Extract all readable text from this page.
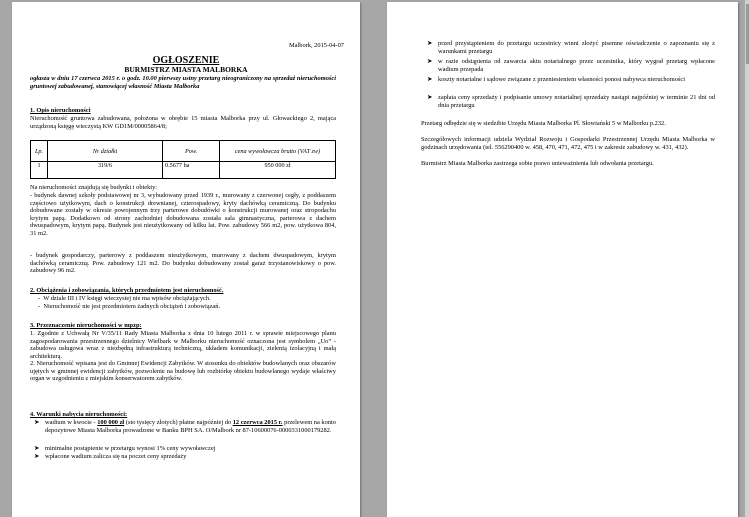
Malbork, 2015-04-07
OGŁOSZENIE
BURMISTRZ MIASTA MALBORKA
ogłasza w dniu 17 czerwca 2015 r. o godz. 10.00 pierwszy ustny przetarg nieograniczony na sprzedaż nieruchomości gruntowej zabudowanej, stanowiącej własność Miasta Malborka
1. Opis nieruchomości
Nieruchomość gruntowa zabudowana, położona w obrębie 15 miasta Malborka przy ul. Głowackiego 2, mająca urządzoną księgę wieczystą KW GD1M/00005864/8;
Lp.	Nr działki	Pow.	cena wywoławcza brutto (VAT zw)
1	319/6	0.5677 ha	950 000 zł
Na nieruchomości znajdują się budynki i obiekty:
- budynek dawnej szkoły podstawowej nr 3, wybudowany przed 1939 r., murowany z czerwonej cegły, z poddaszem częściowo użytkowym, dach o konstrukcji drewnianej, czterospadowy, kryty dachówką ceramiczną. Do budynku dobudowane zostały w okresie powojennym trzy parterowe dobudówki o konstrukcji murowanej oraz stropodachu krytym papą. Dodatkowo od strony zachodniej dobudowana została sala gimnastyczna, parterowa z dachem dwuspadowym, krytym papą. Budynek jest nieużytkowany od kilku lat. Pow. zabudowy 566 m2, pow. użytkowa 804, 31 m2.
- budynek gospodarczy, parterowy z poddaszem nieużytkowym, murowany z dachem dwuspadowym, krytym dachówką ceramiczną. Pow. zabudowy 121 m2. Do budynku dobudowany został garaż trzystanowiskowy o pow. zabudowy 96 m2.
2. Obciążenia i zobowiązania, których przedmiotem jest nieruchomość.
-  W dziale III i IV księgi wieczystej nie ma wpisów obciążających.
-  Nieruchomość nie jest przedmiotem żadnych obciążeń i zobowiązań.
3. Przeznaczenie nieruchomości w mpzp:
1. Zgodnie z Uchwałą Nr V/35/11 Rady Miasta Malborka z dnia 10 lutego 2011 r. w sprawie miejscowego planu zagospodarowania przestrzennego dzielnicy Wielbark w Malborku nieruchomość oznaczona jest symbolem „Uo” - zabudowa usługowa wraz z niezbędną infrastrukturą techniczną, układem komunikacji, zielenią izolacyjną i małą architekturą.
2. Nieruchomość wpisana jest do Gminnej Ewidencji Zabytków. W stosunku do obiektów budowlanych oraz obszarów ujętych w gminnej ewidencji zabytków, pozwolenie na budowę lub rozbiórkę obiektu budowlanego wydaje właściwy organ w uzgodnieniu z miejskim konserwatorem zabytków.
4. Warunki nabycia nieruchomości:
➤ wadium w kwocie - 100 000 zł (sto tysięcy złotych) płatne najpóźniej do 12 czerwca 2015 r. przelewem na konto depozytowe Miasta Malborka prowadzone w Banku BPH SA. O/Malbork nr 87-10600076-0000331000179282.
➤ minimalne postąpienie w przetargu wynosi 1% ceny wywoławczej
➤ wpłacone wadium zalicza się na poczet ceny sprzedaży
➤ przed przystąpieniem do przetargu uczestnicy winni złożyć pisemne oświadczenie o zapoznaniu się z warunkami przetargu
➤ w razie odstąpienia od zawarcia aktu notarialnego przez uczestnika, który wygrał przetarg wpłacone wadium przepada
➤ koszty notarialne i sądowe związane z przeniesieniem własności ponosi nabywca nieruchomości
➤ zapłata ceny sprzedaży i podpisanie umowy notarialnej sprzedaży nastąpi najpóźniej w terminie 21 dni od dnia przetargu
Przetarg odbędzie się w siedzibie Urzędu Miasta Malborka Pl. Słowiański 5 w Malborku p.232.
Szczegółowych informacji udziela Wydział Rozwoju i Gospodarki Przestrzennej Urzędu Miasta Malborka w godzinach urzędowania (tel. 556290400 w. 458, 470, 471, 472, 475 i w zakresie zabudowy w. 431, 432).
Burmistrz Miasta Malborka zastrzega sobie prawo unieważnienia lub odwołania przetargu.
